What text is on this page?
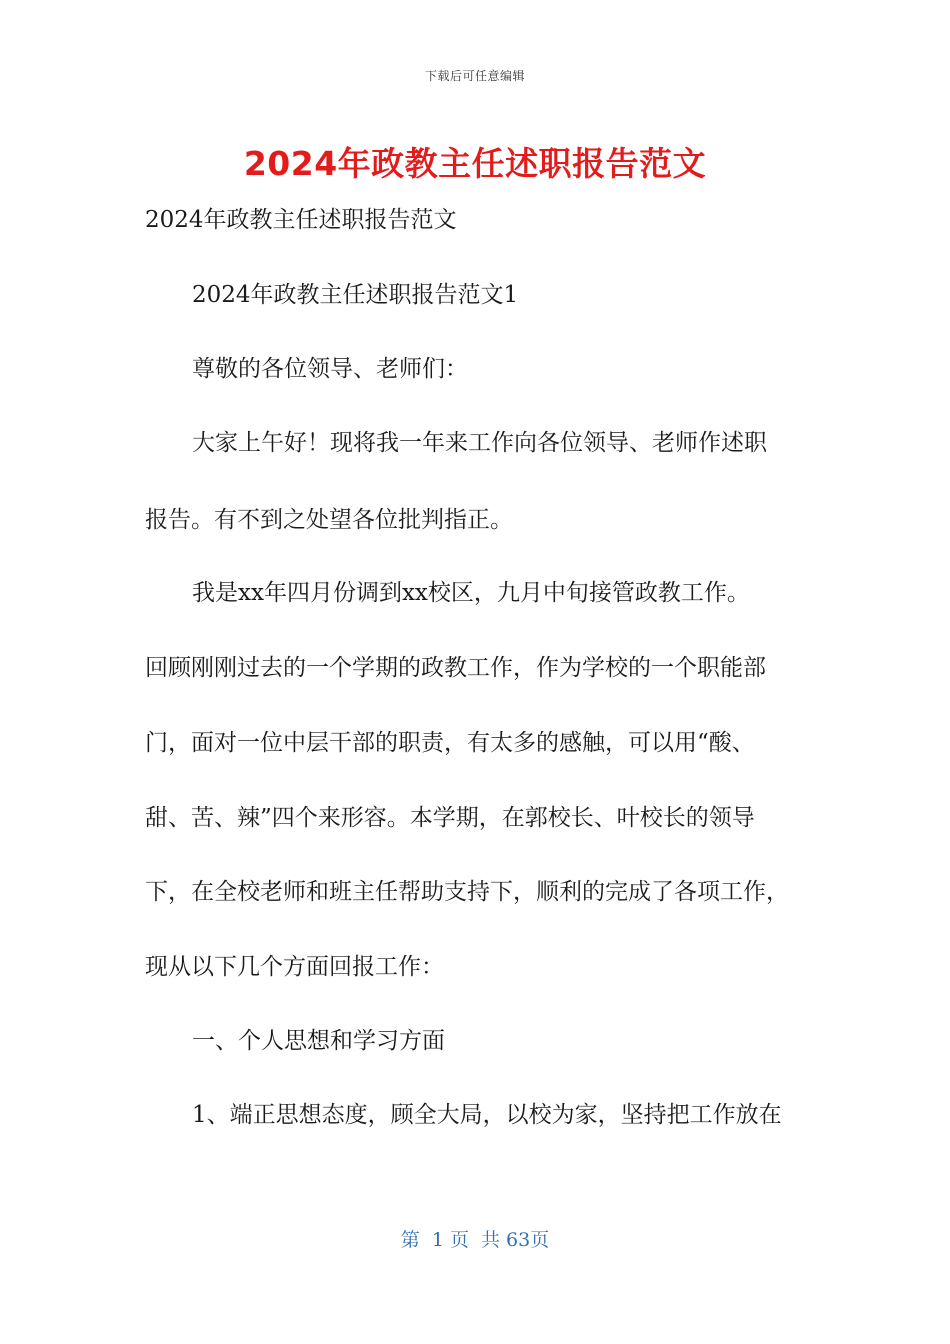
下载后可任意编辑
2024年政教主任述职报告范文
2024年政教主任述职报告范文
2024年政教主任述职报告范文1
尊敬的各位领导、老师们：
大家上午好！现将我一年来工作向各位领导、老师作述职
报告。有不到之处望各位批判指正。
我是xx年四月份调到xx校区，九月中旬接管政教工作。
回顾刚刚过去的一个学期的政教工作，作为学校的一个职能部
门，面对一位中层干部的职责，有太多的感触，可以用“酸、
甜、苦、辣”四个来形容。本学期，在郭校长、叶校长的领导
下，在全校老师和班主任帮助支持下，顺利的完成了各项工作，
现从以下几个方面回报工作：
一、个人思想和学习方面
1、端正思想态度，顾全大局，以校为家，坚持把工作放在
第  1 页  共 63页
